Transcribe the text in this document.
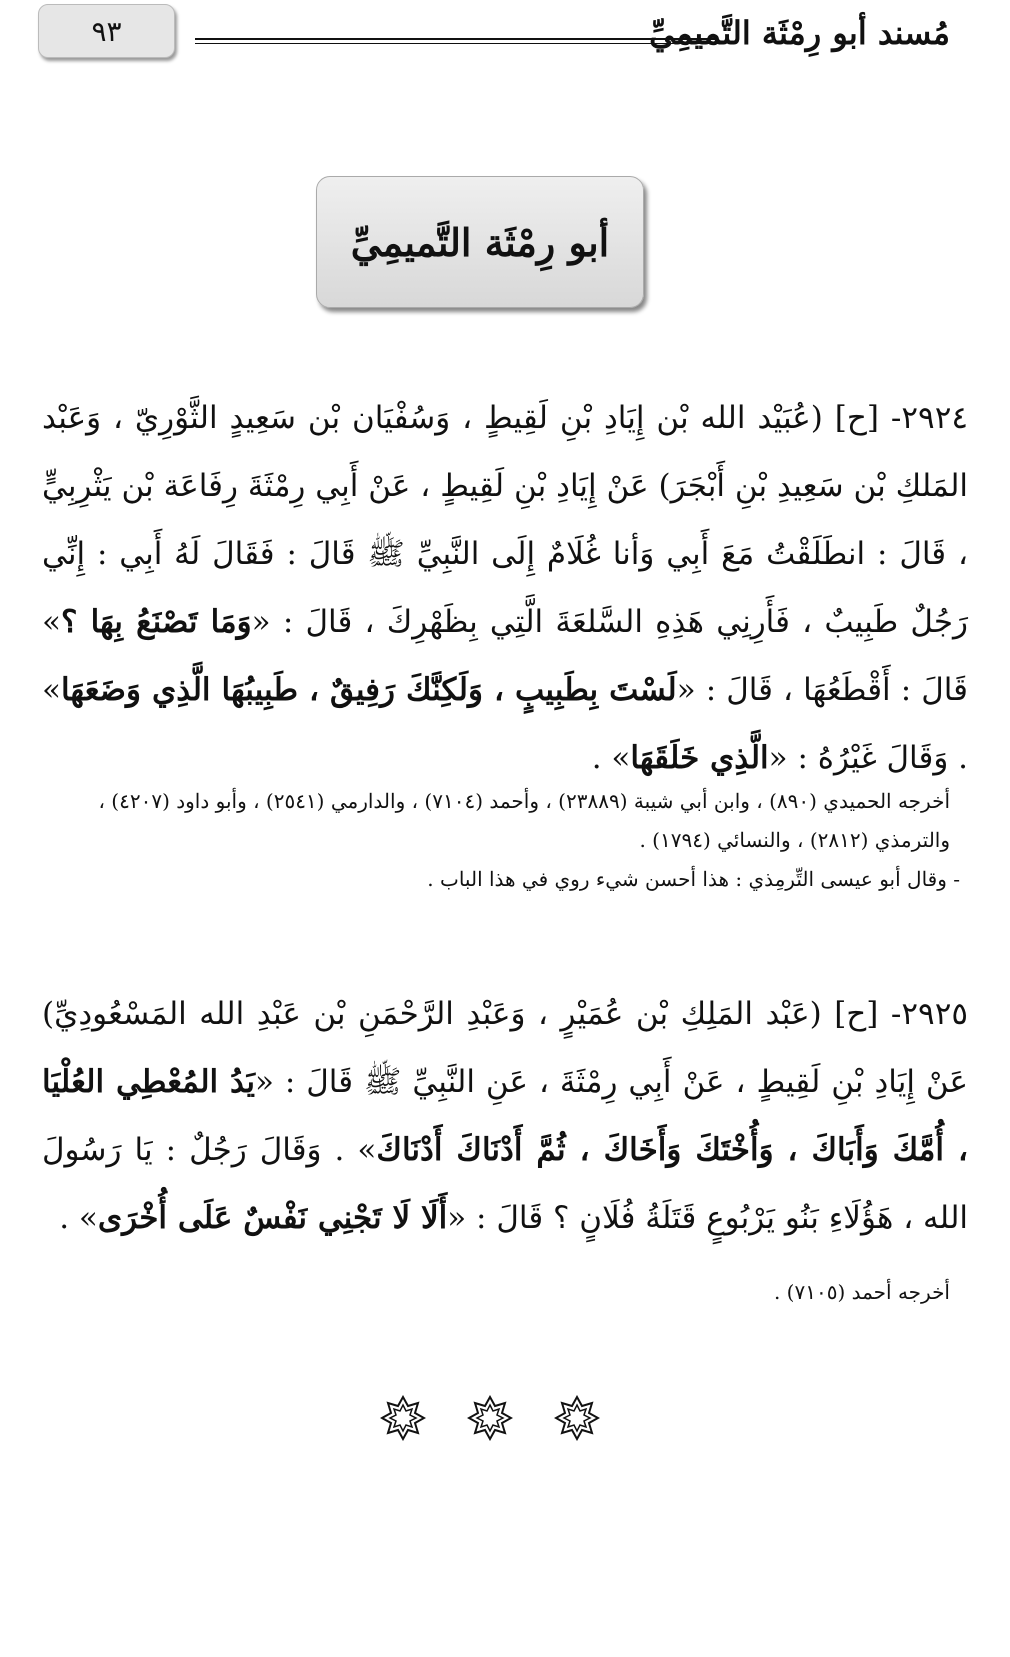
مُسند أبو رِمْثَة التَّميمِيِّ
٩٣
أبو رِمْثَة التَّميمِيِّ
٢٩٢٤- [ح] (عُبَيْد الله بْن إِيَادِ بْنِ لَقِيطٍ ، وَسُفْيَان بْن سَعِيدٍ الثَّوْرِيّ ، وَعَبْد المَلكِ بْن سَعِيدِ بْنِ أَبْجَرَ) عَنْ إِيَادِ بْنِ لَقِيطٍ ، عَنْ أَبِي رِمْثَةَ رِفَاعَة بْن يَثْرِبِيٍّ ، قَالَ : انطَلَقْتُ مَعَ أَبِي وَأنا غُلَامٌ إِلَى النَّبِيِّ ﷺ قَالَ : فَقَالَ لَهُ أَبِي : إِنِّي رَجُلٌ طَبِيبٌ ، فَأَرِنِي هَذِهِ السَّلعَةَ الَّتِي بِظَهْرِكَ ، قَالَ : «وَمَا تَصْنَعُ بِهَا ؟» قَالَ : أَقْطَعُهَا ، قَالَ : «لَسْتَ بِطَبِيبٍ ، وَلَكِنَّكَ رَفِيقٌ ، طَبِيبُهَا الَّذِي وَضَعَهَا» . وَقَالَ غَيْرُهُ : «الَّذِي خَلَقَهَا» .
أخرجه الحميدي (٨٩٠) ، وابن أبي شيبة (٢٣٨٨٩) ، وأحمد (٧١٠٤) ، والدارمي (٢٥٤١) ، وأبو داود (٤٢٠٧) ، والترمذي (٢٨١٢) ، والنسائي (١٧٩٤) .
- وقال أبو عيسى التِّرمِذي : هذا أحسن شيء روي في هذا الباب .
٢٩٢٥- [ح] (عَبْد المَلِكِ بْن عُمَيْرٍ ، وَعَبْدِ الرَّحْمَنِ بْن عَبْدِ الله المَسْعُودِيِّ) عَنْ إِيَادِ بْنِ لَقِيطٍ ، عَنْ أَبِي رِمْثَةَ ، عَنِ النَّبِيِّ ﷺ قَالَ : «يَدُ المُعْطِي العُلْيَا ، أُمَّكَ وَأَبَاكَ ، وَأُخْتَكَ وَأَخَاكَ ، ثُمَّ أَدْنَاكَ أَدْنَاكَ» . وَقَالَ رَجُلٌ : يَا رَسُولَ الله ، هَؤُلَاءِ بَنُو يَرْبُوعٍ قَتَلَةُ فُلَانٍ ؟ قَالَ : «أَلَا لَا تَجْنِي نَفْسٌ عَلَى أُخْرَى» .
أخرجه أحمد (٧١٠٥) .
